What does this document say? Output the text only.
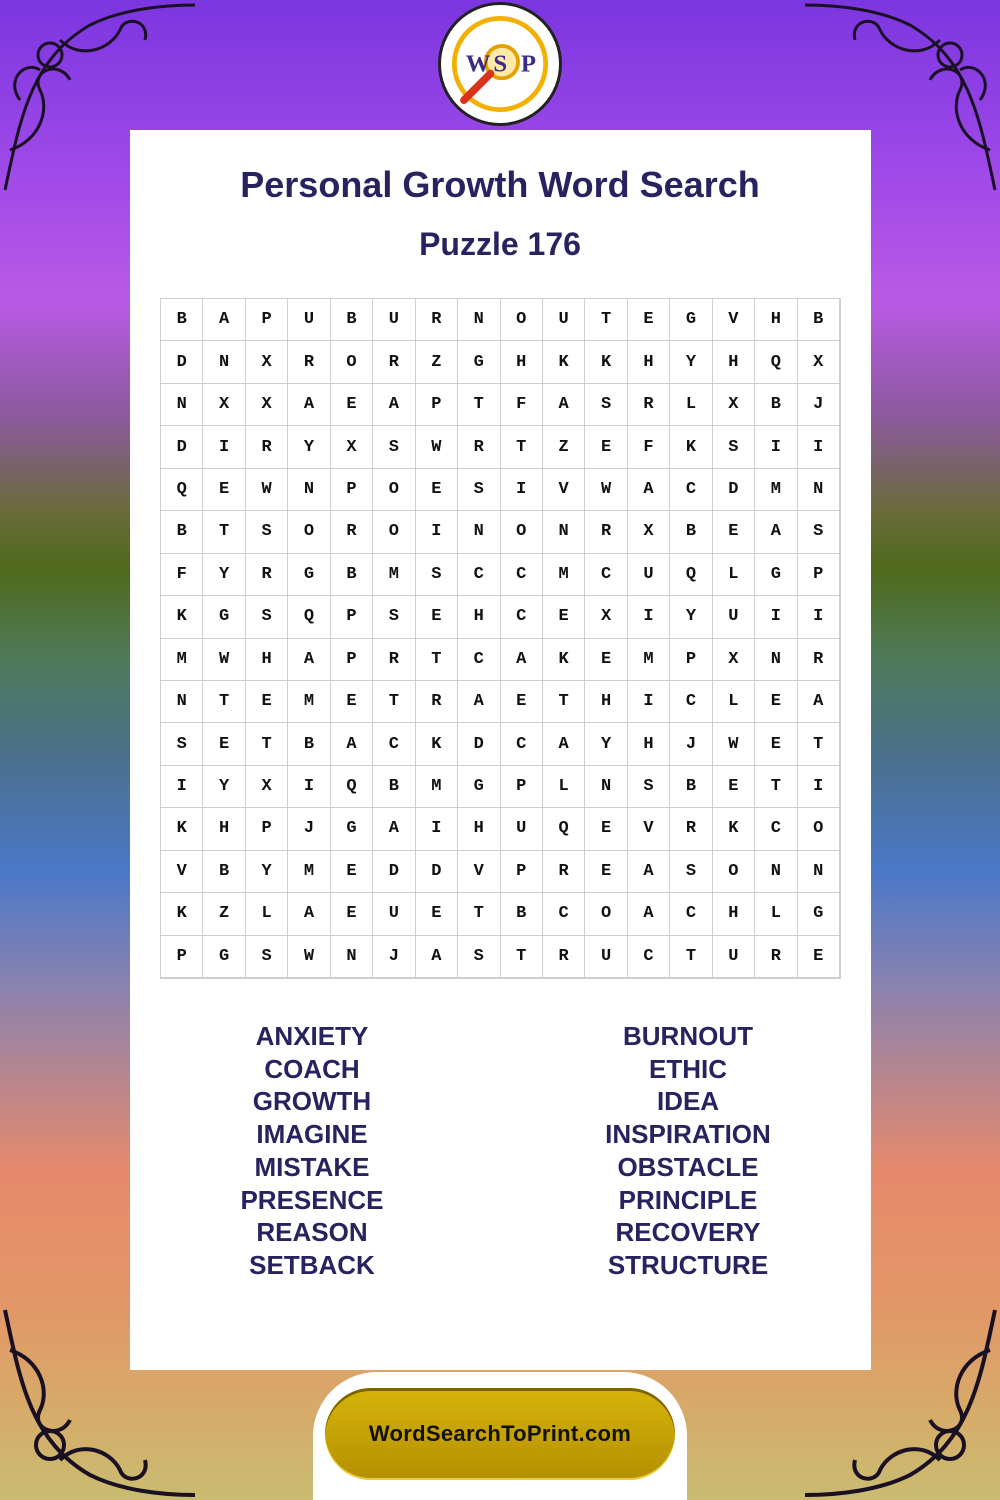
W S P
Personal Growth Word Search
Puzzle 176
B	A	P	U	B	U	R	N	O	U	T	E	G	V	H	B
D	N	X	R	O	R	Z	G	H	K	K	H	Y	H	Q	X
N	X	X	A	E	A	P	T	F	A	S	R	L	X	B	J
D	I	R	Y	X	S	W	R	T	Z	E	F	K	S	I	I
Q	E	W	N	P	O	E	S	I	V	W	A	C	D	M	N
B	T	S	O	R	O	I	N	O	N	R	X	B	E	A	S
F	Y	R	G	B	M	S	C	C	M	C	U	Q	L	G	P
K	G	S	Q	P	S	E	H	C	E	X	I	Y	U	I	I
M	W	H	A	P	R	T	C	A	K	E	M	P	X	N	R
N	T	E	M	E	T	R	A	E	T	H	I	C	L	E	A
S	E	T	B	A	C	K	D	C	A	Y	H	J	W	E	T
I	Y	X	I	Q	B	M	G	P	L	N	S	B	E	T	I
K	H	P	J	G	A	I	H	U	Q	E	V	R	K	C	O
V	B	Y	M	E	D	D	V	P	R	E	A	S	O	N	N
K	Z	L	A	E	U	E	T	B	C	O	A	C	H	L	G
P	G	S	W	N	J	A	S	T	R	U	C	T	U	R	E
ANXIETY
COACH
GROWTH
IMAGINE
MISTAKE
PRESENCE
REASON
SETBACK
BURNOUT
ETHIC
IDEA
INSPIRATION
OBSTACLE
PRINCIPLE
RECOVERY
STRUCTURE
WordSearchToPrint.com
